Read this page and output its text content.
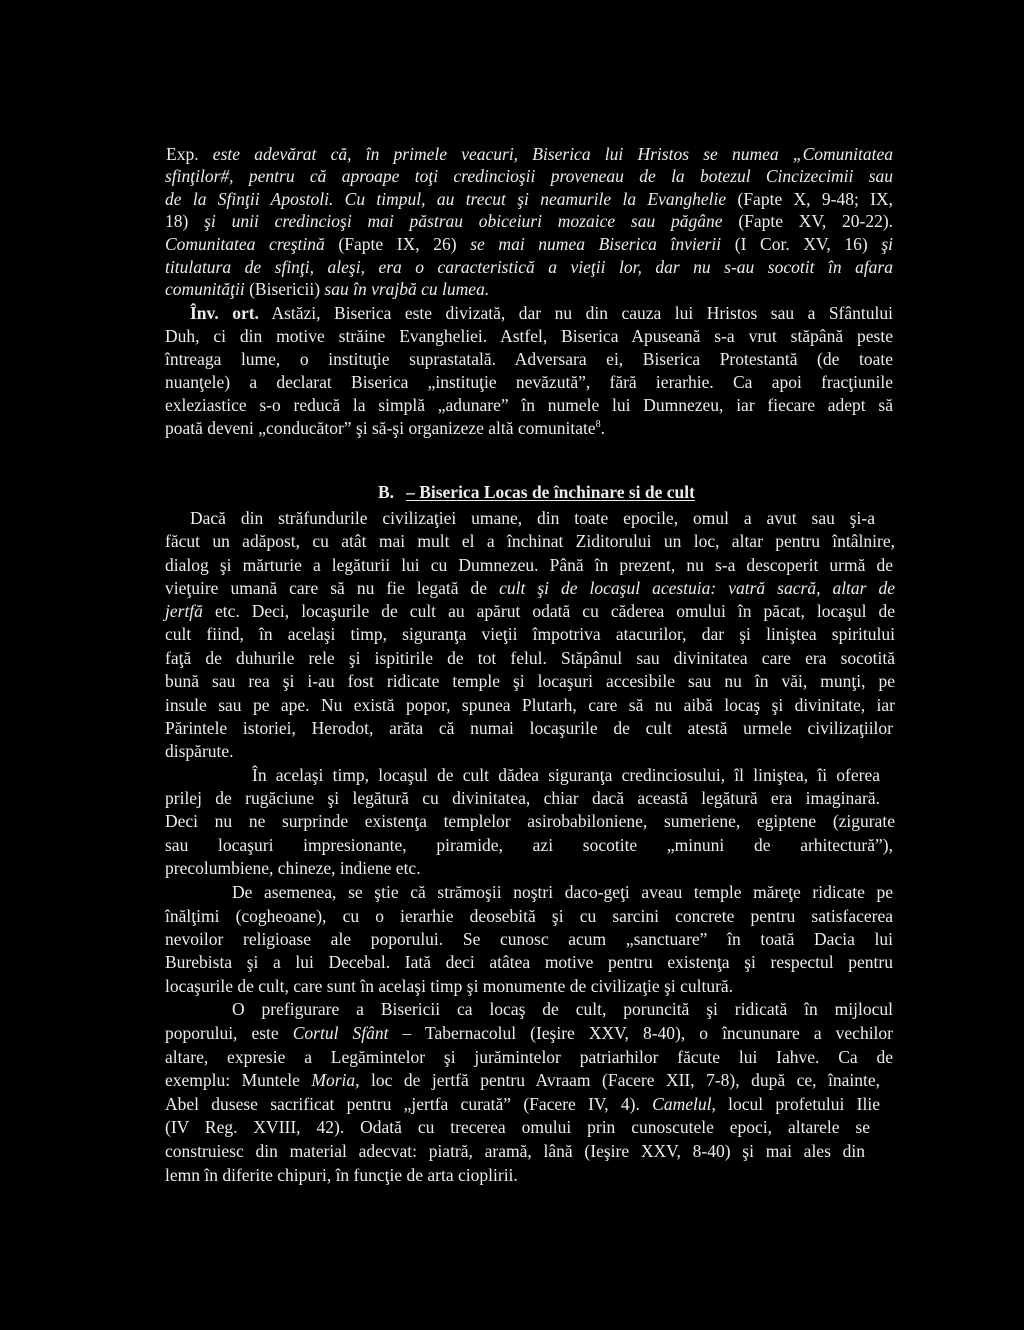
Exp. este adevărat că, în primele veacuri, Biserica lui Hristos se numea „Comunitatea
sfinţilor#, pentru că aproape toţi credincioşii proveneau de la botezul Cincizecimii sau
de la Sfinţii Apostoli. Cu timpul, au trecut şi neamurile la Evanghelie (Fapte X, 9-48; IX,
18) şi unii credincioşi mai păstrau obiceiuri mozaice sau păgâne (Fapte XV, 20-22).
Comunitatea creştină (Fapte IX, 26) se mai numea Biserica învierii (I Cor. XV, 16) şi
titulatura de sfinţi, aleşi, era o caracteristică a vieţii lor, dar nu s-au socotit în afara
comunităţii (Bisericii) sau în vrajbă cu lumea.
Înv. ort. Astăzi, Biserica este divizată, dar nu din cauza lui Hristos sau a Sfântului
Duh, ci din motive străine Evangheliei. Astfel, Biserica Apuseană s-a vrut stăpână peste
întreaga lume, o instituţie suprastatală. Adversara ei, Biserica Protestantă (de toate
nuanţele) a declarat Biserica „instituţie nevăzută”, fără ierarhie. Ca apoi fracţiunile
exleziastice s-o reducă la simplă „adunare” în numele lui Dumnezeu, iar fiecare adept să
poată deveni „conducător” şi să-şi organizeze altă comunitate$^8$.
B. – Biserica Locas de închinare si de cult
Dacă din străfundurile civilizaţiei umane, din toate epocile, omul a avut sau şi-a
făcut un adăpost, cu atât mai mult el a închinat Ziditorului un loc, altar pentru întâlnire,
dialog şi mărturie a legăturii lui cu Dumnezeu. Până în prezent, nu s-a descoperit urmă de
vieţuire umană care să nu fie legată de cult şi de locaşul acestuia: vatră sacră, altar de
jertfă etc. Deci, locaşurile de cult au apărut odată cu căderea omului în păcat, locaşul de
cult fiind, în acelaşi timp, siguranţa vieţii împotriva atacurilor, dar şi liniştea spiritului
faţă de duhurile rele şi ispitirile de tot felul. Stăpânul sau divinitatea care era socotită
bună sau rea şi i-au fost ridicate temple şi locaşuri accesibile sau nu în văi, munţi, pe
insule sau pe ape. Nu există popor, spunea Plutarh, care să nu aibă locaş şi divinitate, iar
Părintele istoriei, Herodot, arăta că numai locaşurile de cult atestă urmele civilizaţiilor
dispărute.
În acelaşi timp, locaşul de cult dădea siguranţa credinciosului, îl liniştea, îi oferea
prilej de rugăciune şi legătură cu divinitatea, chiar dacă această legătură era imaginară.
Deci nu ne surprinde existenţa templelor asirobabiloniene, sumeriene, egiptene (zigurate
sau locaşuri impresionante, piramide, azi socotite „minuni de arhitectură”),
precolumbiene, chineze, indiene etc.
De asemenea, se ştie că strămoşii noştri daco-geţi aveau temple măreţe ridicate pe
înălţimi (cogheoane), cu o ierarhie deosebită şi cu sarcini concrete pentru satisfacerea
nevoilor religioase ale poporului. Se cunosc acum „sanctuare” în toată Dacia lui
Burebista şi a lui Decebal. Iată deci atâtea motive pentru existenţa şi respectul pentru
locaşurile de cult, care sunt în acelaşi timp şi monumente de civilizaţie şi cultură.
O prefigurare a Bisericii ca locaş de cult, poruncită şi ridicată în mijlocul
poporului, este Cortul Sfânt – Tabernacolul (Ieşire XXV, 8-40), o încununare a vechilor
altare, expresie a Legămintelor şi jurămintelor patriarhilor făcute lui Iahve. Ca de
exemplu: Muntele Moria, loc de jertfă pentru Avraam (Facere XII, 7-8), după ce, înainte,
Abel dusese sacrificat pentru „jertfa curată” (Facere IV, 4). Camelul, locul profetului Ilie
(IV Reg. XVIII, 42). Odată cu trecerea omului prin cunoscutele epoci, altarele se
construiesc din material adecvat: piatră, aramă, lână (Ieşire XXV, 8-40) şi mai ales din
lemn în diferite chipuri, în funcţie de arta cioplirii.
